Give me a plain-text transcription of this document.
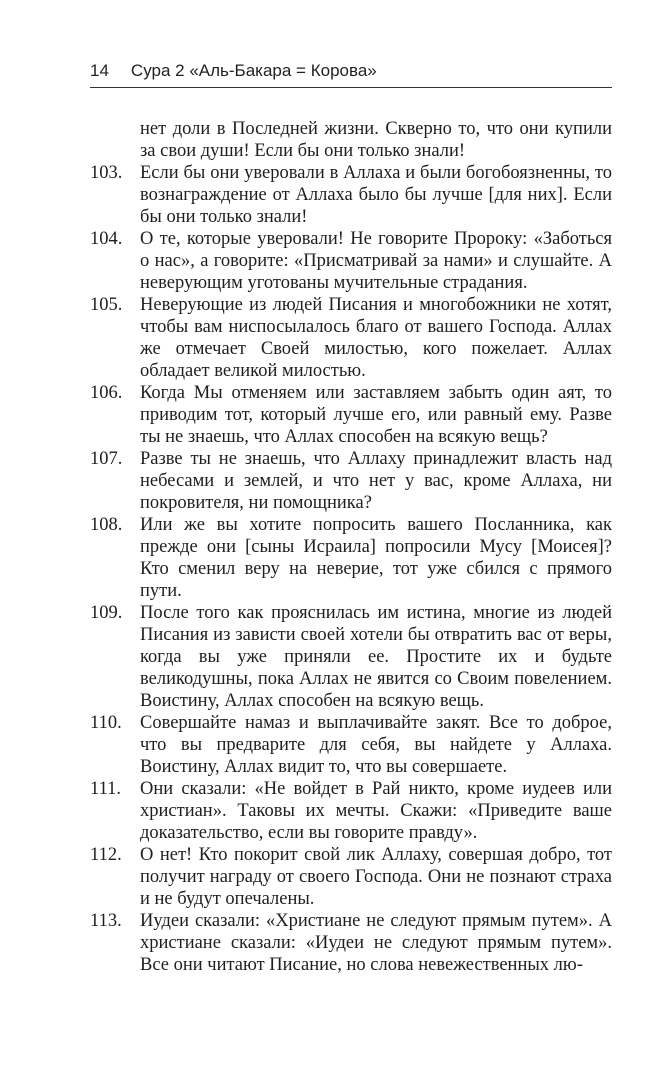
14 Сура 2 «Аль-Бакара = Корова»
нет доли в Последней жизни. Скверно то, что они купили за свои души! Если бы они только знали!
103. Если бы они уверовали в Аллаха и были богобоязненны, то вознаграждение от Аллаха было бы лучше [для них]. Если бы они только знали!
104. О те, которые уверовали! Не говорите Пророку: «Заботься о нас», а говорите: «Присматривай за нами» и слушайте. А неверующим уготованы мучительные страдания.
105. Неверующие из людей Писания и многобожники не хотят, чтобы вам ниспосылалось благо от вашего Господа. Аллах же отмечает Своей милостью, кого пожелает. Аллах обладает великой милостью.
106. Когда Мы отменяем или заставляем забыть один аят, то приводим тот, который лучше его, или равный ему. Разве ты не знаешь, что Аллах способен на всякую вещь?
107. Разве ты не знаешь, что Аллаху принадлежит власть над небесами и землей, и что нет у вас, кроме Аллаха, ни покровителя, ни помощника?
108. Или же вы хотите попросить вашего Посланника, как прежде они [сыны Исраила] попросили Мусу [Моисея]? Кто сменил веру на неверие, тот уже сбился с прямого пути.
109. После того как прояснилась им истина, многие из людей Писания из зависти своей хотели бы отвратить вас от веры, когда вы уже приняли ее. Простите их и будьте великодушны, пока Аллах не явится со Своим повелением. Воистину, Аллах способен на всякую вещь.
110. Совершайте намаз и выплачивайте закят. Все то доброе, что вы предварите для себя, вы найдете у Аллаха. Воистину, Аллах видит то, что вы совершаете.
111.	Они сказали: «Не войдет в Рай никто, кроме иудеев или христиан». Таковы их мечты. Скажи: «Приведите ваше доказательство, если вы говорите правду».
112. О нет! Кто покорит свой лик Аллаху, совершая добро, тот получит награду от своего Господа. Они не познают страха и не будут опечалены.
113. Иудеи сказали: «Христиане не следуют прямым путем». А христиане сказали: «Иудеи не следуют прямым путем». Все они читают Писание, но слова невежественных лю-
